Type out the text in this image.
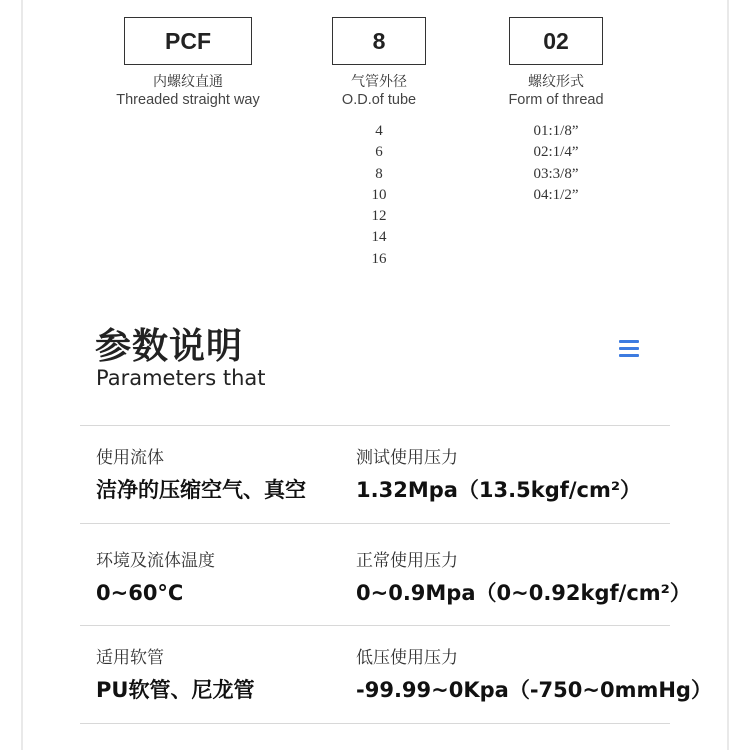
PCF
内螺纹直通
Threaded straight way
8
气管外径
O.D.of tube
4
6
8
10
12
14
16
02
螺纹形式
Form of thread
01:1/8”
02:1/4”
03:3/8”
04:1/2”
参数说明
Parameters that
使用流体
洁净的压缩空气、真空
测试使用压力
1.32Mpa（13.5kgf/cm²）
环境及流体温度
0~60°C
正常使用压力
0~0.9Mpa（0~0.92kgf/cm²）
适用软管
PU软管、尼龙管
低压使用压力
-99.99~0Kpa（-750~0mmHg）
